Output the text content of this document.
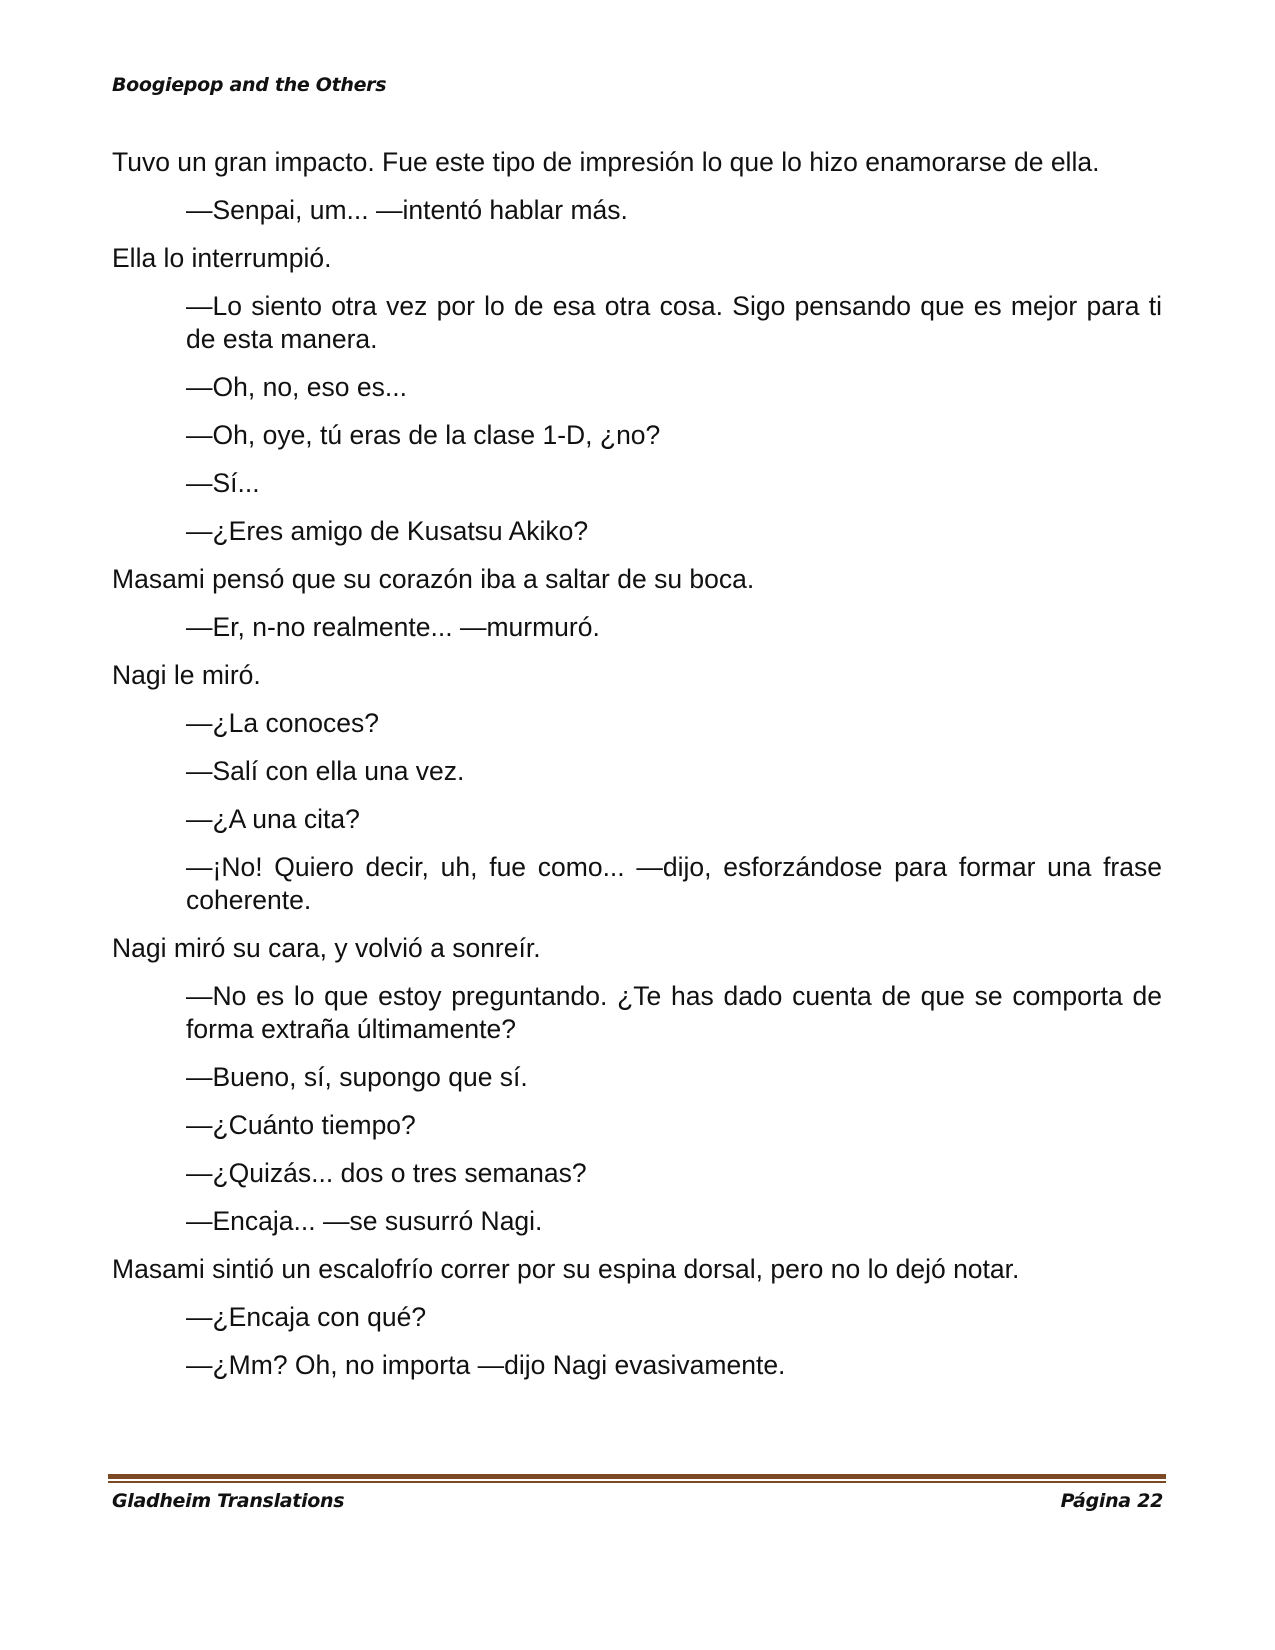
Boogiepop and the Others

Tuvo un gran impacto. Fue este tipo de impresión lo que lo hizo enamorarse de ella.

—Senpai, um... —intentó hablar más.

Ella lo interrumpió.

—Lo siento otra vez por lo de esa otra cosa. Sigo pensando que es mejor para ti de esta manera.

—Oh, no, eso es...

—Oh, oye, tú eras de la clase 1-D, ¿no?

—Sí...

—¿Eres amigo de Kusatsu Akiko?

Masami pensó que su corazón iba a saltar de su boca.

—Er, n-no realmente... —murmuró.

Nagi le miró.

—¿La conoces?

—Salí con ella una vez.

—¿A una cita?

—¡No! Quiero decir, uh, fue como... —dijo, esforzándose para formar una frase coherente.

Nagi miró su cara, y volvió a sonreír.

—No es lo que estoy preguntando. ¿Te has dado cuenta de que se comporta de forma extraña últimamente?

—Bueno, sí, supongo que sí.

—¿Cuánto tiempo?

—¿Quizás... dos o tres semanas?

—Encaja... —se susurró Nagi.

Masami sintió un escalofrío correr por su espina dorsal, pero no lo dejó notar.

—¿Encaja con qué?

—¿Mm? Oh, no importa —dijo Nagi evasivamente.

Gladheim Translations	Página 22
